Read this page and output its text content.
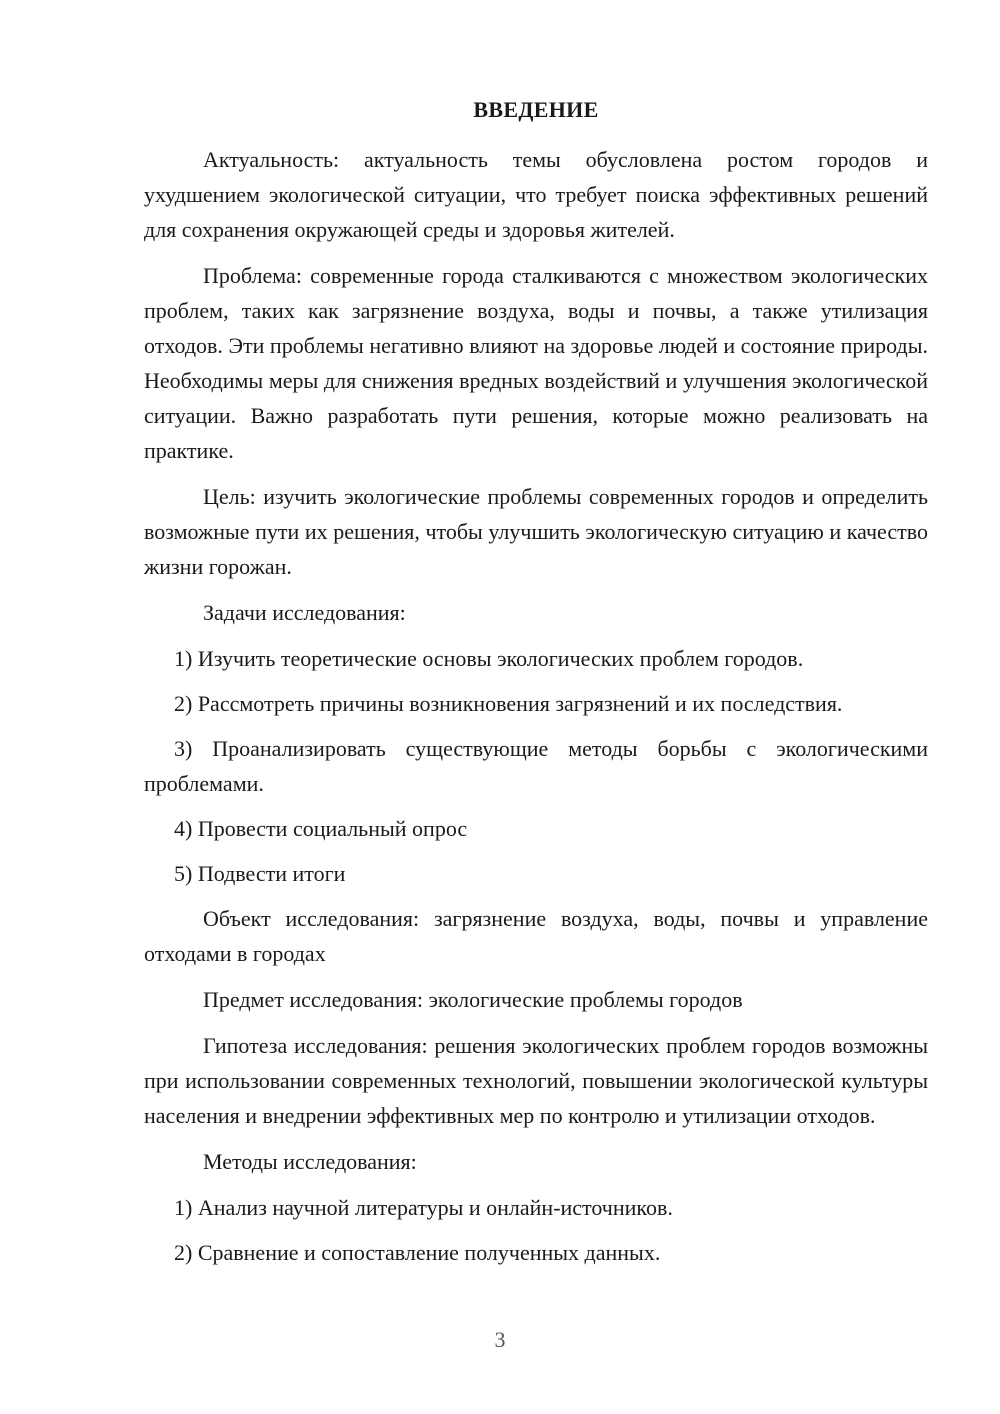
ВВЕДЕНИЕ

Актуальность: актуальность темы обусловлена ростом городов и ухудшением экологической ситуации, что требует поиска эффективных решений для сохранения окружающей среды и здоровья жителей.

Проблема: современные города сталкиваются с множеством экологических проблем, таких как загрязнение воздуха, воды и почвы, а также утилизация отходов. Эти проблемы негативно влияют на здоровье людей и состояние природы. Необходимы меры для снижения вредных воздействий и улучшения экологической ситуации. Важно разработать пути решения, которые можно реализовать на практике.

Цель: изучить экологические проблемы современных городов и определить возможные пути их решения, чтобы улучшить экологическую ситуацию и качество жизни горожан.

Задачи исследования:

1) Изучить теоретические основы экологических проблем городов.

2) Рассмотреть причины возникновения загрязнений и их последствия.

3) Проанализировать существующие методы борьбы с экологическими проблемами.

4) Провести социальный опрос

5) Подвести итоги

Объект исследования: загрязнение воздуха, воды, почвы и управление отходами в городах

Предмет исследования: экологические проблемы городов

Гипотеза исследования: решения экологических проблем городов возможны при использовании современных технологий, повышении экологической культуры населения и внедрении эффективных мер по контролю и утилизации отходов.

Методы исследования:

1) Анализ научной литературы и онлайн-источников.

2) Сравнение и сопоставление полученных данных.

3
